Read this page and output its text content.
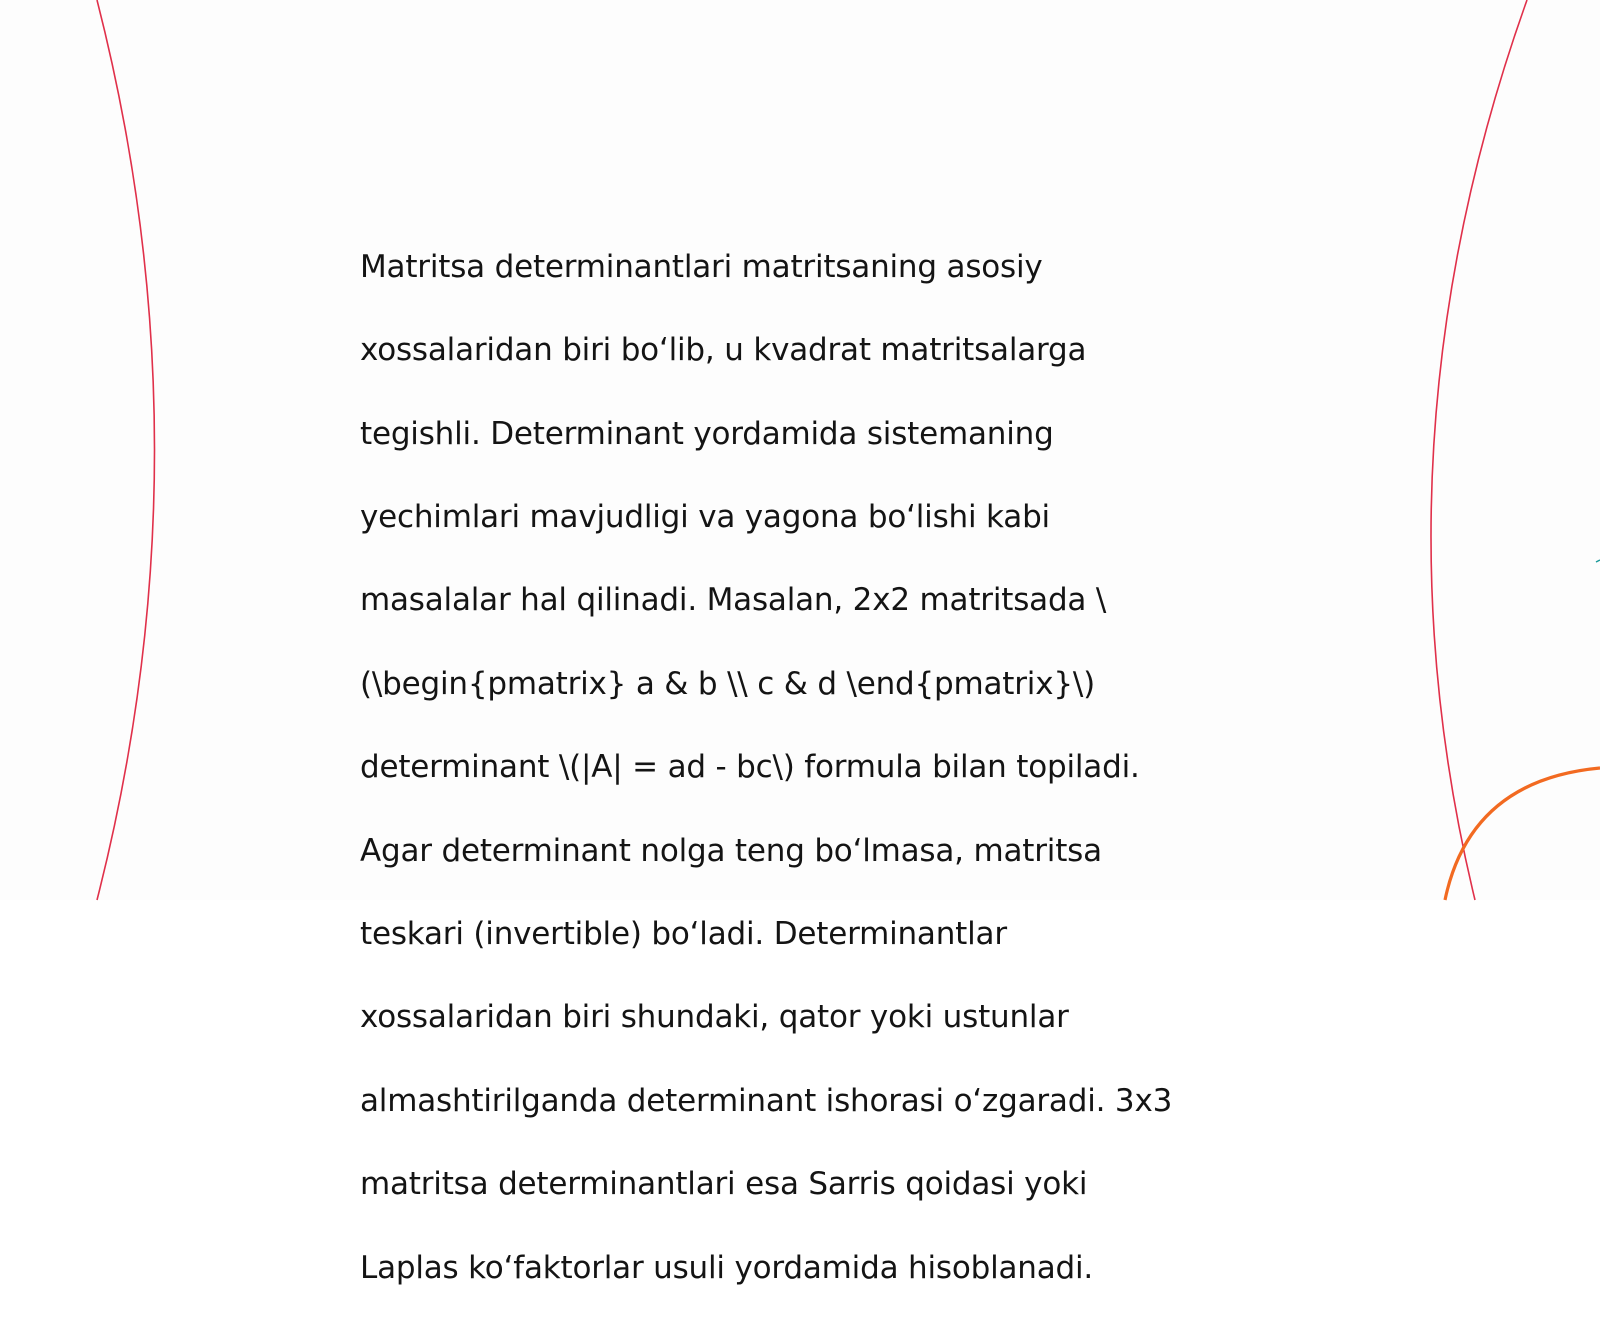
Matritsa determinantlari matritsaning asosiy

xossalaridan biri bo‘lib, u kvadrat matritsalarga

tegishli. Determinant yordamida sistemaning

yechimlari mavjudligi va yagona bo‘lishi kabi

masalalar hal qilinadi. Masalan, 2x2 matritsada \

(\begin{pmatrix} a & b \\ c & d \end{pmatrix}\)

determinant \(|A| = ad - bc\) formula bilan topiladi.

Agar determinant nolga teng bo‘lmasa, matritsa

teskari (invertible) bo‘ladi. Determinantlar

xossalaridan biri shundaki, qator yoki ustunlar

almashtirilganda determinant ishorasi o‘zgaradi. 3x3

matritsa determinantlari esa Sarris qoidasi yoki

Laplas ko‘faktorlar usuli yordamida hisoblanadi.
